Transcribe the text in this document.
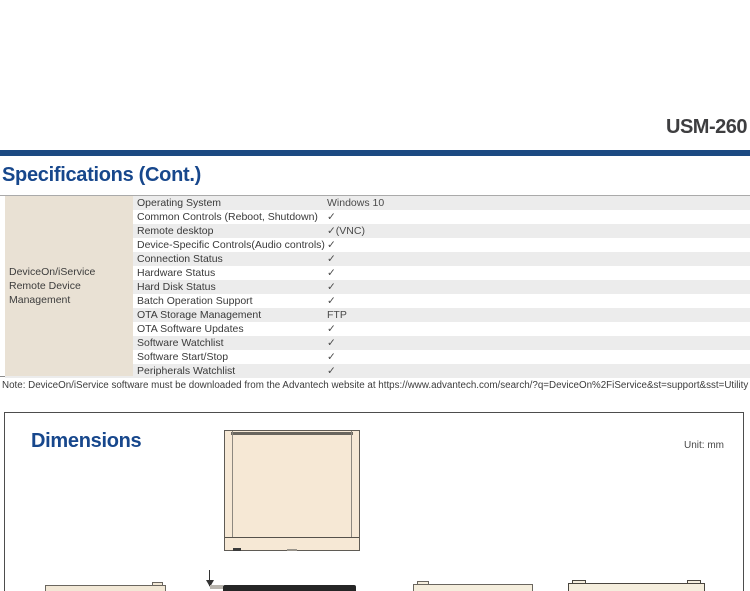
USM-260
Specifications (Cont.)
Operating System	Windows 10
Common Controls (Reboot, Shutdown) ✓
Remote desktop	✓(VNC)
Device-Specific Controls(Audio controls) ✓
Connection Status	✓
Hardware Status	✓
Hard Disk Status	✓
Batch Operation Support	✓
OTA Storage Management	FTP
OTA Software Updates	✓
Software Watchlist	✓
Software Start/Stop	✓
Peripherals Watchlist	✓
DeviceOn/iService
Remote Device Management
Note: DeviceOn/iService software must be downloaded from the Advantech website at https://www.advantech.com/search/?q=DeviceOn%2FiService&st=support&sst=Utility
Dimensions	Unit: mm
